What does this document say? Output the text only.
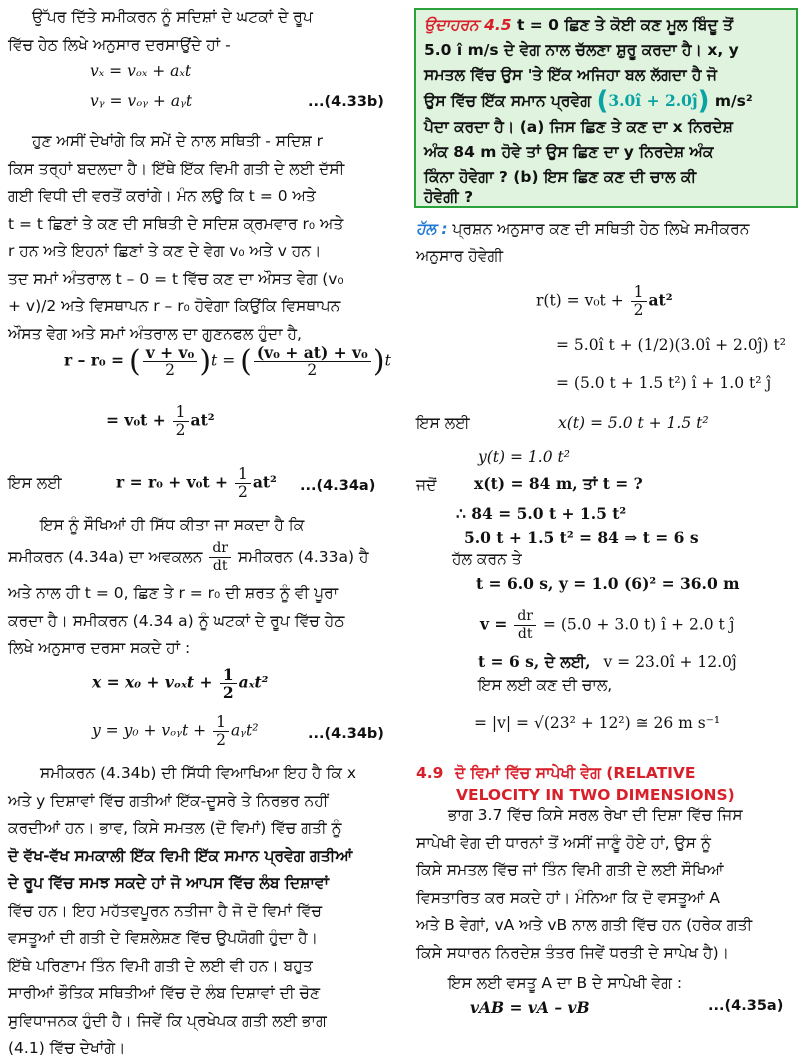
ਉੱਪਰ ਦਿੱਤੇ ਸਮੀਕਰਨ ਨੂੰ ਸਦਿਸ਼ਾਂ ਦੇ ਘਟਕਾਂ ਦੇ ਰੂਪ
ਵਿੱਚ ਹੇਠ ਲਿਖੇ ਅਨੁਸਾਰ ਦਰਸਾਉਂਦੇ ਹਾਂ -
vₓ = vₒₓ + aₓt
vᵧ = vₒᵧ + aᵧt	...(4.33b)
ਹੁਣ ਅਸੀਂ ਦੇਖਾਂਗੇ ਕਿ ਸਮੇਂ ਦੇ ਨਾਲ ਸਥਿਤੀ - ਸਦਿਸ਼ r
ਕਿਸ ਤਰ੍ਹਾਂ ਬਦਲਦਾ ਹੈ। ਇੱਥੇ ਇੱਕ ਵਿਮੀ ਗਤੀ ਦੇ ਲਈ ਦੱਸੀ
ਗਈ ਵਿਧੀ ਦੀ ਵਰਤੋਂ ਕਰਾਂਗੇ। ਮੰਨ ਲਉ ਕਿ t = 0 ਅਤੇ
t = t ਛਿਣਾਂ ਤੇ ਕਣ ਦੀ ਸਥਿਤੀ ਦੇ ਸਦਿਸ਼ ਕ੍ਰਮਵਾਰ r₀ ਅਤੇ
r ਹਨ ਅਤੇ ਇਹਨਾਂ ਛਿਣਾਂ ਤੇ ਕਣ ਦੇ ਵੇਗ v₀ ਅਤੇ v ਹਨ।
ਤਦ ਸਮਾਂ ਅੰਤਰਾਲ t – 0 = t ਵਿੱਚ ਕਣ ਦਾ ਔਸਤ ਵੇਗ (v₀
+ v)/2 ਅਤੇ ਵਿਸਥਾਪਨ r – r₀ ਹੋਵੇਗਾ ਕਿਉਂਕਿ ਵਿਸਥਾਪਨ
ਔਸਤ ਵੇਗ ਅਤੇ ਸਮਾਂ ਅੰਤਰਾਲ ਦਾ ਗੁਣਨਫਲ ਹੁੰਦਾ ਹੈ,
r – r₀ = ( $\frac{\text{v + v₀}}{2} )t$ = ( $\frac{\text{(v₀ + at) + v₀}}{2} )t$
= $v_0t + \frac{1}{2} at^2$
ਇਸ ਲਈ	$r = r_0 + v_0t + \frac{1}{2} at^2$ ...(4.34a)
ਇਸ ਨੂੰ ਸੌਖਿਆਂ ਹੀ ਸਿੱਧ ਕੀਤਾ ਜਾ ਸਕਦਾ ਹੈ ਕਿ
ਸਮੀਕਰਨ (4.34a) ਦਾ ਅਵਕਲਨ $\frac{dr}{dt}$ ਸਮੀਕਰਨ (4.33a) ਹੈ
ਅਤੇ ਨਾਲ ਹੀ t = 0, ਛਿਣ ਤੇ r = r₀ ਦੀ ਸ਼ਰਤ ਨੂੰ ਵੀ ਪੂਰਾ
ਕਰਦਾ ਹੈ। ਸਮੀਕਰਨ (4.34 a) ਨੂੰ ਘਟਕਾਂ ਦੇ ਰੂਪ ਵਿੱਚ ਹੇਠ
ਲਿਖੇ ਅਨੁਸਾਰ ਦਰਸਾ ਸਕਦੇ ਹਾਂ :
$x = x_0 + v_{ox}t + \frac{1}{2} a_xt^2$
y = y₀ + vₒᵧt + $\frac{1}{2}$ aᵧt²	...(4.34b)
ਸਮੀਕਰਨ (4.34b) ਦੀ ਸਿੱਧੀ ਵਿਆਖਿਆ ਇਹ ਹੈ ਕਿ x
ਅਤੇ y ਦਿਸ਼ਾਵਾਂ ਵਿੱਚ ਗਤੀਆਂ ਇੱਕ-ਦੂਸਰੇ ਤੇ ਨਿਰਭਰ ਨਹੀਂ
ਕਰਦੀਆਂ ਹਨ। ਭਾਵ, ਕਿਸੇ ਸਮਤਲ (ਦੋ ਵਿਮਾਂ) ਵਿੱਚ ਗਤੀ ਨੂੰ
ਦੋ ਵੱਖ-ਵੱਖ ਸਮਕਾਲੀ ਇੱਕ ਵਿਮੀ ਇੱਕ ਸਮਾਨ ਪ੍ਰਵੇਗ ਗਤੀਆਂ
ਦੇ ਰੂਪ ਵਿੱਚ ਸਮਝ ਸਕਦੇ ਹਾਂ ਜੋ ਆਪਸ ਵਿੱਚ ਲੰਬ ਦਿਸ਼ਾਵਾਂ
ਵਿੱਚ ਹਨ। ਇਹ ਮਹੱਤਵਪੂਰਨ ਨਤੀਜਾ ਹੈ ਜੋ ਦੋ ਵਿਮਾਂ ਵਿੱਚ
ਵਸਤੂਆਂ ਦੀ ਗਤੀ ਦੇ ਵਿਸ਼ਲੇਸ਼ਣ ਵਿੱਚ ਉਪਯੋਗੀ ਹੁੰਦਾ ਹੈ।
ਇੱਥੇ ਪਰਿਣਾਮ ਤਿੰਨ ਵਿਮੀ ਗਤੀ ਦੇ ਲਈ ਵੀ ਹਨ। ਬਹੁਤ
ਸਾਰੀਆਂ ਭੌਤਿਕ ਸਥਿਤੀਆਂ ਵਿੱਚ ਦੋ ਲੰਬ ਦਿਸ਼ਾਵਾਂ ਦੀ ਚੋਣ
ਸੁਵਿਧਾਜਨਕ ਹੁੰਦੀ ਹੈ। ਜਿਵੇਂ ਕਿ ਪ੍ਰਖੇਪਕ ਗਤੀ ਲਈ ਭਾਗ
(4.1) ਵਿੱਚ ਦੇਖਾਂਗੇ।
ਉਦਾਹਰਨ 4.5 t = 0 ਛਿਣ ਤੇ ਕੋਈ ਕਣ ਮੂਲ ਬਿੰਦੂ ਤੋਂ
5.0 î m/s ਦੇ ਵੇਗ ਨਾਲ ਚੱਲਣਾ ਸ਼ੁਰੂ ਕਰਦਾ ਹੈ। x, y
ਸਮਤਲ ਵਿੱਚ ਉਸ 'ਤੇ ਇੱਕ ਅਜਿਹਾ ਬਲ ਲੱਗਦਾ ਹੈ ਜੋ
ਉਸ ਵਿੱਚ ਇੱਕ ਸਮਾਨ ਪ੍ਰਵੇਗ (3.0î + 2.0ĵ) m/s²
ਪੈਦਾ ਕਰਦਾ ਹੈ। (a) ਜਿਸ ਛਿਣ ਤੇ ਕਣ ਦਾ x ਨਿਰਦੇਸ਼
ਅੰਕ 84 m ਹੋਵੇ ਤਾਂ ਉਸ ਛਿਣ ਦਾ y ਨਿਰਦੇਸ਼ ਅੰਕ
ਕਿੰਨਾ ਹੋਵੇਗਾ ? (b) ਇਸ ਛਿਣ ਕਣ ਦੀ ਚਾਲ ਕੀ
ਹੋਵੇਗੀ ?
ਹੱਲ : ਪ੍ਰਸ਼ਨ ਅਨੁਸਾਰ ਕਣ ਦੀ ਸਥਿਤੀ ਹੇਠ ਲਿਖੇ ਸਮੀਕਰਨ
ਅਨੁਸਾਰ ਹੋਵੇਗੀ
$r(t) = v_0t + \frac{1}{2} at^2$
= 5.0î t + (1/2)(3.0î + 2.0ĵ) t²
= (5.0 t + 1.5 t²) î + 1.0 t² ĵ
ਇਸ ਲਈ	x(t) = 5.0 t + 1.5 t²
y(t) = 1.0 t²
ਜਦੋਂ x(t) = 84 m, ਤਾਂ t = ?
∴ 84 = 5.0 t + 1.5 t²
5.0 t + 1.5 t² = 84 ⇒ t = 6 s
ਹੱਲ ਕਰਨ ਤੇ
t = 6.0 s, y = 1.0 (6)² = 36.0 m
$v = \frac{dr}{dt} = (5.0 + 3.0$ t) î + 2.0 t ĵ
t = 6 s, ਦੇ ਲਈ, v = 23.0î + 12.0ĵ
ਇਸ ਲਈ ਕਣ ਦੀ ਚਾਲ,
= |v| = √(23² + 12²) ≅ 26 m s⁻¹
4.9 ਦੋ ਵਿਮਾਂ ਵਿੱਚ ਸਾਪੇਖੀ ਵੇਗ (RELATIVE
VELOCITY IN TWO DIMENSIONS)
ਭਾਗ 3.7 ਵਿੱਚ ਕਿਸੇ ਸਰਲ ਰੇਖਾ ਦੀ ਦਿਸ਼ਾ ਵਿੱਚ ਜਿਸ
ਸਾਪੇਖੀ ਵੇਗ ਦੀ ਧਾਰਨਾਂ ਤੋਂ ਅਸੀਂ ਜਾਣੂੰ ਹੋਏ ਹਾਂ, ਉਸ ਨੂੰ
ਕਿਸੇ ਸਮਤਲ ਵਿੱਚ ਜਾਂ ਤਿੰਨ ਵਿਮੀ ਗਤੀ ਦੇ ਲਈ ਸੌਖਿਆਂ
ਵਿਸਤਾਰਿਤ ਕਰ ਸਕਦੇ ਹਾਂ। ਮੰਨਿਆ ਕਿ ਦੋ ਵਸਤੂਆਂ A
ਅਤੇ B ਵੇਗਾਂ, vA ਅਤੇ vB ਨਾਲ ਗਤੀ ਵਿੱਚ ਹਨ (ਹਰੇਕ ਗਤੀ
ਕਿਸੇ ਸਧਾਰਨ ਨਿਰਦੇਸ਼ ਤੰਤਰ ਜਿਵੇਂ ਧਰਤੀ ਦੇ ਸਾਪੇਖ ਹੈ)।
ਇਸ ਲਈ ਵਸਤੂ A ਦਾ B ਦੇ ਸਾਪੇਖੀ ਵੇਗ :
vAB = vA – vB	...(4.35a)
